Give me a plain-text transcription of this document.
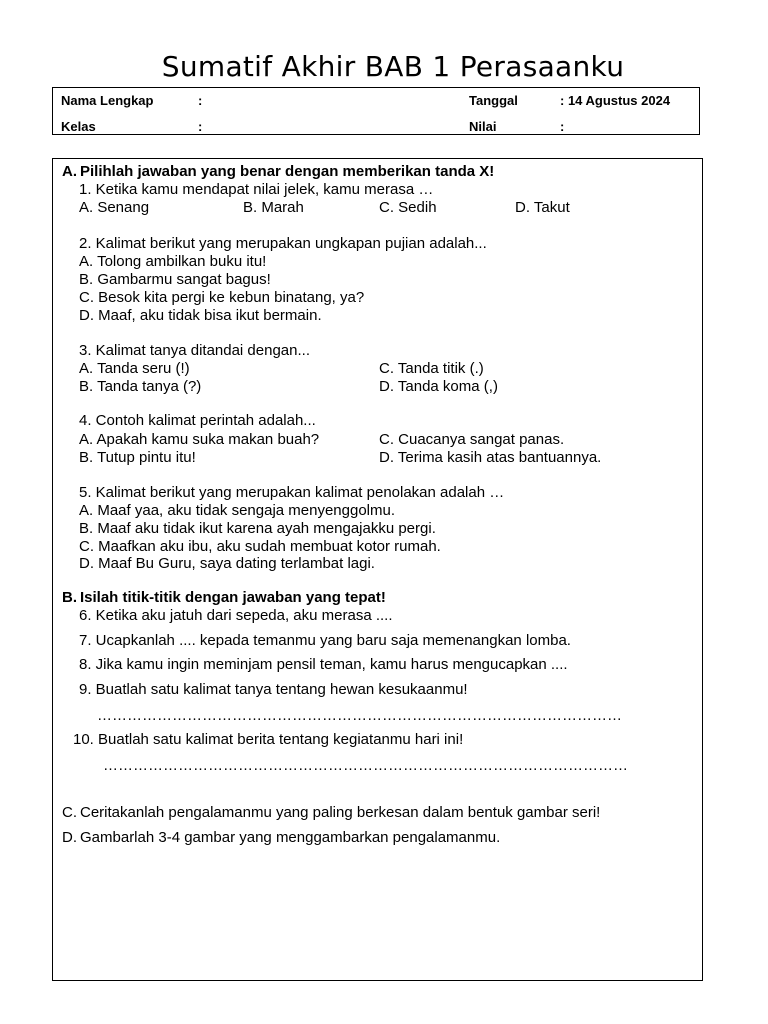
Sumatif Akhir BAB 1 Perasaanku
Nama Lengkap	:	Tanggal	: 14 Agustus 2024
Kelas	:	Nilai	:
A. Pilihlah jawaban yang benar dengan memberikan tanda X!
1. Ketika kamu mendapat nilai jelek, kamu merasa …
A. Senang	B. Marah	C. Sedih	D. Takut
2. Kalimat berikut yang merupakan ungkapan pujian adalah...
A. Tolong ambilkan buku itu!
B. Gambarmu sangat bagus!
C. Besok kita pergi ke kebun binatang, ya?
D. Maaf, aku tidak bisa ikut bermain.
3. Kalimat tanya ditandai dengan...
A. Tanda seru (!)	C. Tanda titik (.)
B. Tanda tanya (?)	D. Tanda koma (,)
4. Contoh kalimat perintah adalah...
A. Apakah kamu suka makan buah?	C. Cuacanya sangat panas.
B. Tutup pintu itu!	D. Terima kasih atas bantuannya.
5. Kalimat berikut yang merupakan kalimat penolakan adalah …
A. Maaf yaa, aku tidak sengaja menyenggolmu.
B. Maaf aku tidak ikut karena ayah mengajakku pergi.
C. Maafkan aku ibu, aku sudah membuat kotor rumah.
D. Maaf Bu Guru, saya dating terlambat lagi.
B. Isilah titik-titik dengan jawaban yang tepat!
6. Ketika aku jatuh dari sepeda, aku merasa ....
7. Ucapkanlah .... kepada temanmu yang baru saja memenangkan lomba.
8. Jika kamu ingin meminjam pensil teman, kamu harus mengucapkan ....
9. Buatlah satu kalimat tanya tentang hewan kesukaanmu!
……………………………………………………………………………………………
10. Buatlah satu kalimat berita tentang kegiatanmu hari ini!
……………………………………………………………………………………………
C. Ceritakanlah pengalamanmu yang paling berkesan dalam bentuk gambar seri!
D. Gambarlah 3-4 gambar yang menggambarkan pengalamanmu.
